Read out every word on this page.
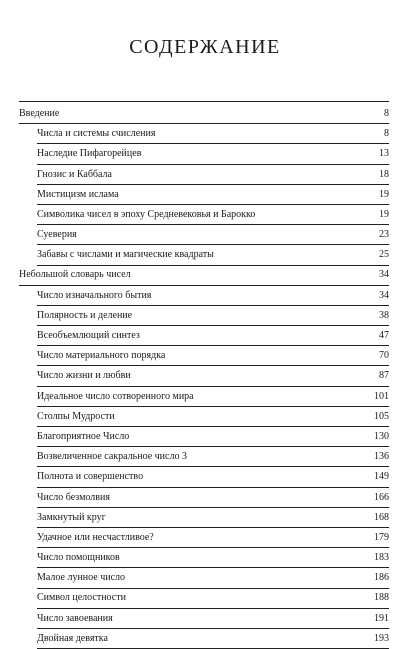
СОДЕРЖАНИЕ
Введение	8
Числа и системы счисления	8
Наследие Пифагорейцев	13
Гнозис и Каббала	18
Мистицизм ислама	19
Символика чисел в эпоху Средневековья и Барокко	19
Суеверия	23
Забавы с числами и магические квадраты	25
Небольшой словарь чисел	34
Число изначального бытия	34
Полярность и деление	38
Всеобъемлющий синтез	47
Число материального порядка	70
Число жизни и любви	87
Идеальное число сотворенного мира	101
Столпы Мудрости	105
Благоприятное Число	130
Возвеличенное сакральное число 3	136
Полнота и совершенство	149
Число безмолвия	166
Замкнутый круг	168
Удачное или несчастливое?	179
Число помощников	183
Малое лунное число	186
Символ целостности	188
Число завоевания	191
Двойная девятка	193
